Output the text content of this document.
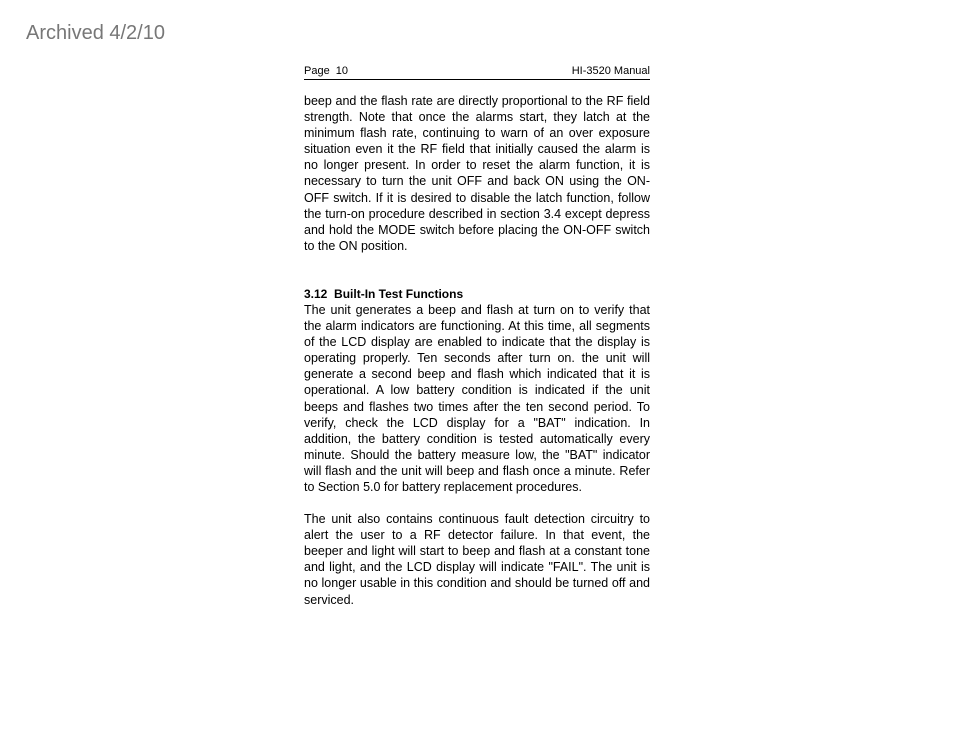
Archived 4/2/10
Page  10	HI-3520 Manual

beep and the flash rate are directly proportional to the RF field strength. Note that once the alarms start, they latch at the minimum flash rate, continuing to warn of an over exposure situation even it the RF field that initially caused the alarm is no longer present. In order to reset the alarm function, it is necessary to turn the unit OFF and back ON using the ON-OFF switch. If it is desired to disable the latch function, follow the turn-on procedure described in section 3.4 except depress and hold the MODE switch before placing the ON-OFF switch to the ON position.

3.12 Built-In Test Functions

The unit generates a beep and flash at turn on to verify that the alarm indicators are functioning. At this time, all segments of the LCD display are enabled to indicate that the display is operating properly. Ten seconds after turn on. the unit will generate a second beep and flash which indicated that it is operational. A low battery condition is indicated if the unit beeps and flashes two times after the ten second period. To verify, check the LCD display for a "BAT" indication. In addition, the battery condition is tested automatically every minute. Should the battery measure low, the "BAT" indicator will flash and the unit will beep and flash once a minute. Refer to Section 5.0 for battery replacement procedures.

The unit also contains continuous fault detection circuitry to alert the user to a RF detector failure. In that event, the beeper and light will start to beep and flash at a constant tone and light, and the LCD display will indicate "FAIL". The unit is no longer usable in this condition and should be turned off and serviced.
